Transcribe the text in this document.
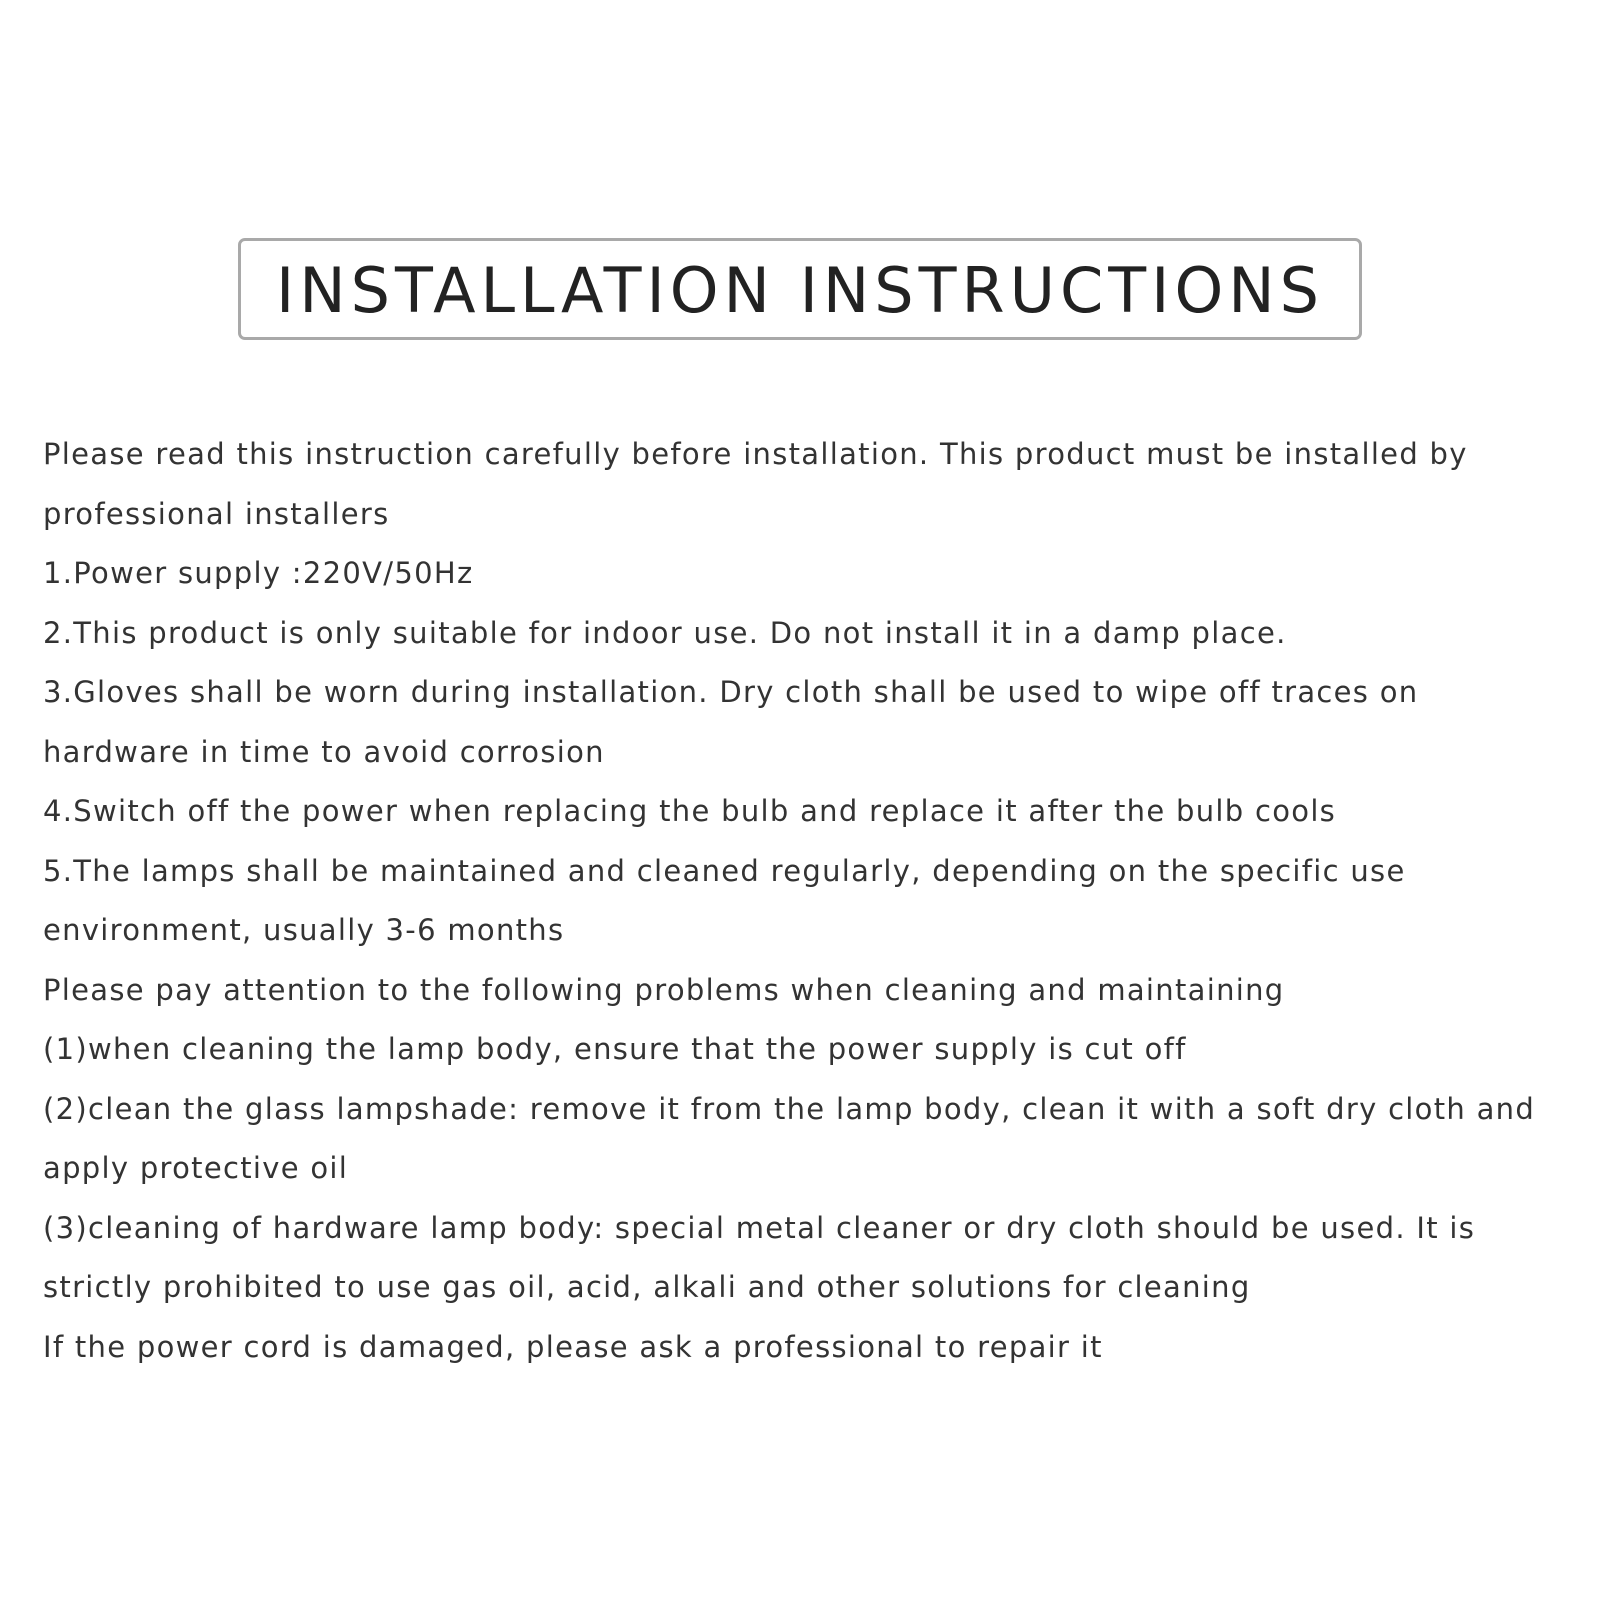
INSTALLATION INSTRUCTIONS
Please read this instruction carefully before installation. This product must be installed by
professional installers
1.Power supply :220V/50Hz
2.This product is only suitable for indoor use. Do not install it in a damp place.
3.Gloves shall be worn during installation. Dry cloth shall be used to wipe off traces on
hardware in time to avoid corrosion
4.Switch off the power when replacing the bulb and replace it after the bulb cools
5.The lamps shall be maintained and cleaned regularly, depending on the specific use
environment, usually 3-6 months
Please pay attention to the following problems when cleaning and maintaining
(1)when cleaning the lamp body, ensure that the power supply is cut off
(2)clean the glass lampshade: remove it from the lamp body, clean it with a soft dry cloth and
apply protective oil
(3)cleaning of hardware lamp body: special metal cleaner or dry cloth should be used. It is
strictly prohibited to use gas oil, acid, alkali and other solutions for cleaning
If the power cord is damaged, please ask a professional to repair it
